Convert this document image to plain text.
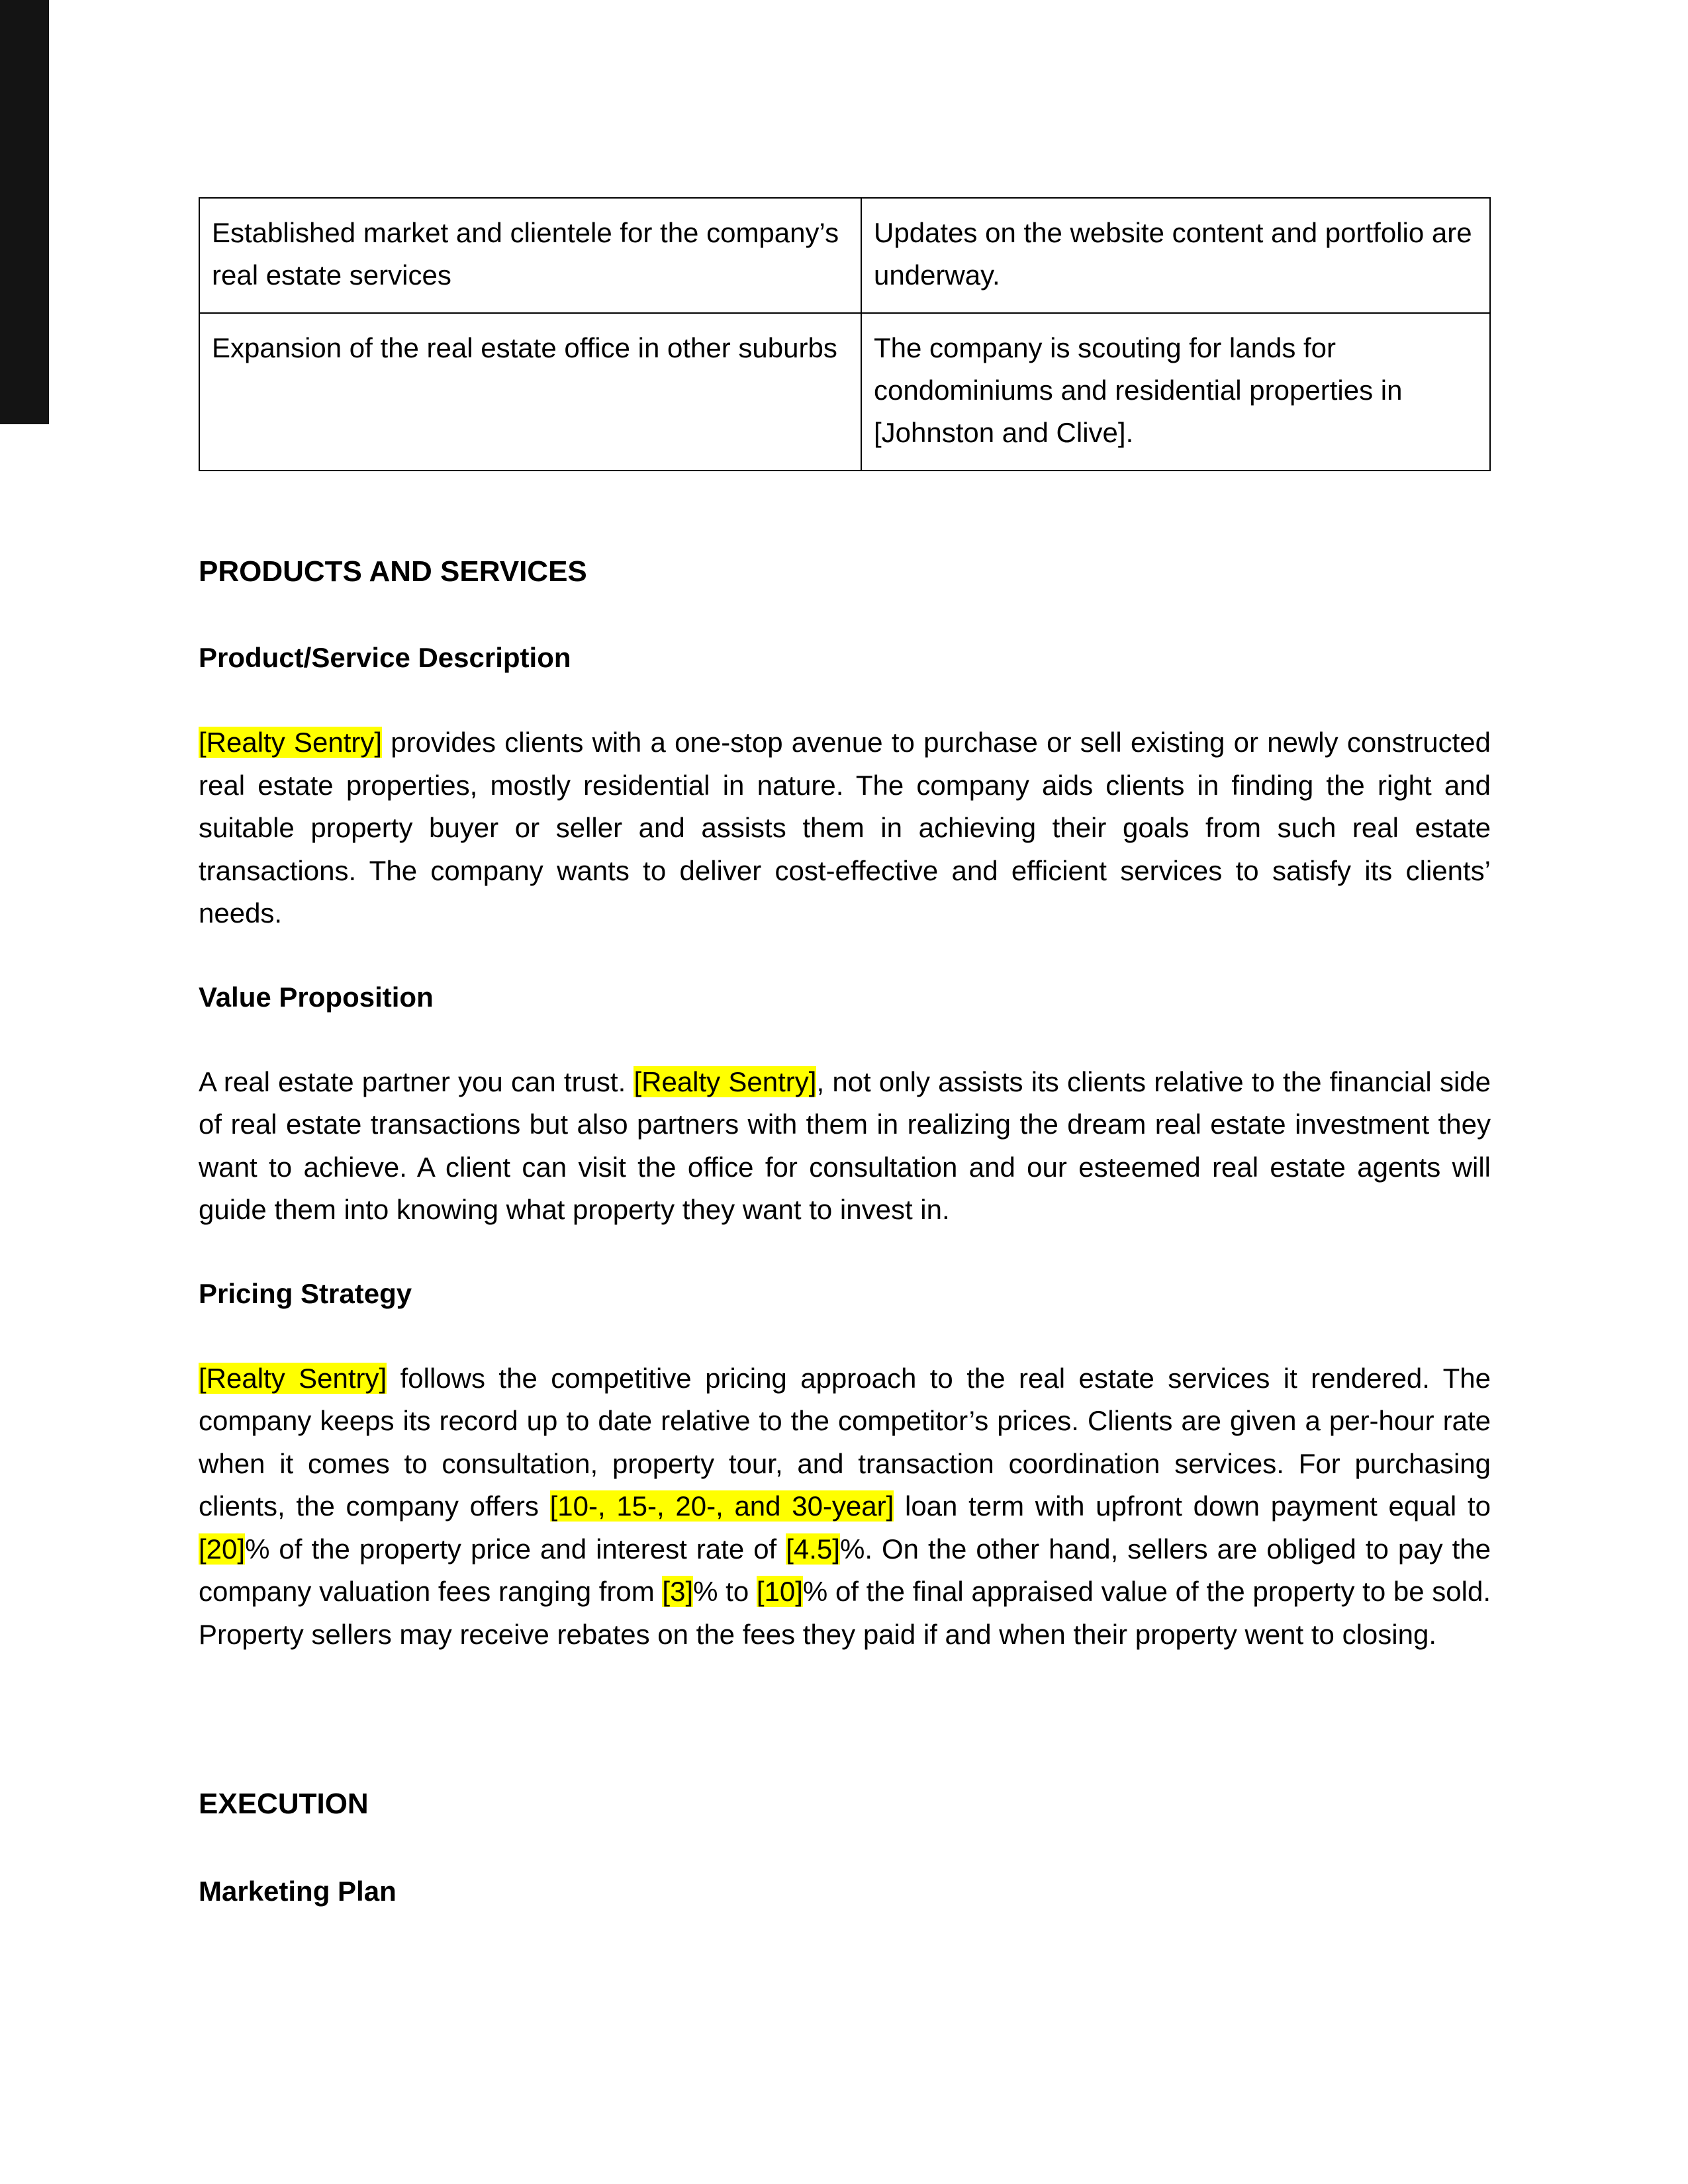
Established market and clientele for the company’s real estate services	Updates on the website content and portfolio are underway.
Expansion of the real estate office in other suburbs	The company is scouting for lands for condominiums and residential properties in [Johnston and Clive].
PRODUCTS AND SERVICES
Product/Service Description

[Realty Sentry] provides clients with a one-stop avenue to purchase or sell existing or newly constructed real estate properties, mostly residential in nature. The company aids clients in finding the right and suitable property buyer or seller and assists them in achieving their goals from such real estate transactions. The company wants to deliver cost-effective and efficient services to satisfy its clients’ needs.

Value Proposition

A real estate partner you can trust. [Realty Sentry], not only assists its clients relative to the financial side of real estate transactions but also partners with them in realizing the dream real estate investment they want to achieve. A client can visit the office for consultation and our esteemed real estate agents will guide them into knowing what property they want to invest in.

Pricing Strategy

[Realty Sentry] follows the competitive pricing approach to the real estate services it rendered. The company keeps its record up to date relative to the competitor’s prices. Clients are given a per-hour rate when it comes to consultation, property tour, and transaction coordination services. For purchasing clients, the company offers [10-, 15-, 20-, and 30-year] loan term with upfront down payment equal to [20]% of the property price and interest rate of [4.5]%. On the other hand, sellers are obliged to pay the company valuation fees ranging from [3]% to [10]% of the final appraised value of the property to be sold. Property sellers may receive rebates on the fees they paid if and when their property went to closing.

EXECUTION
Marketing Plan
